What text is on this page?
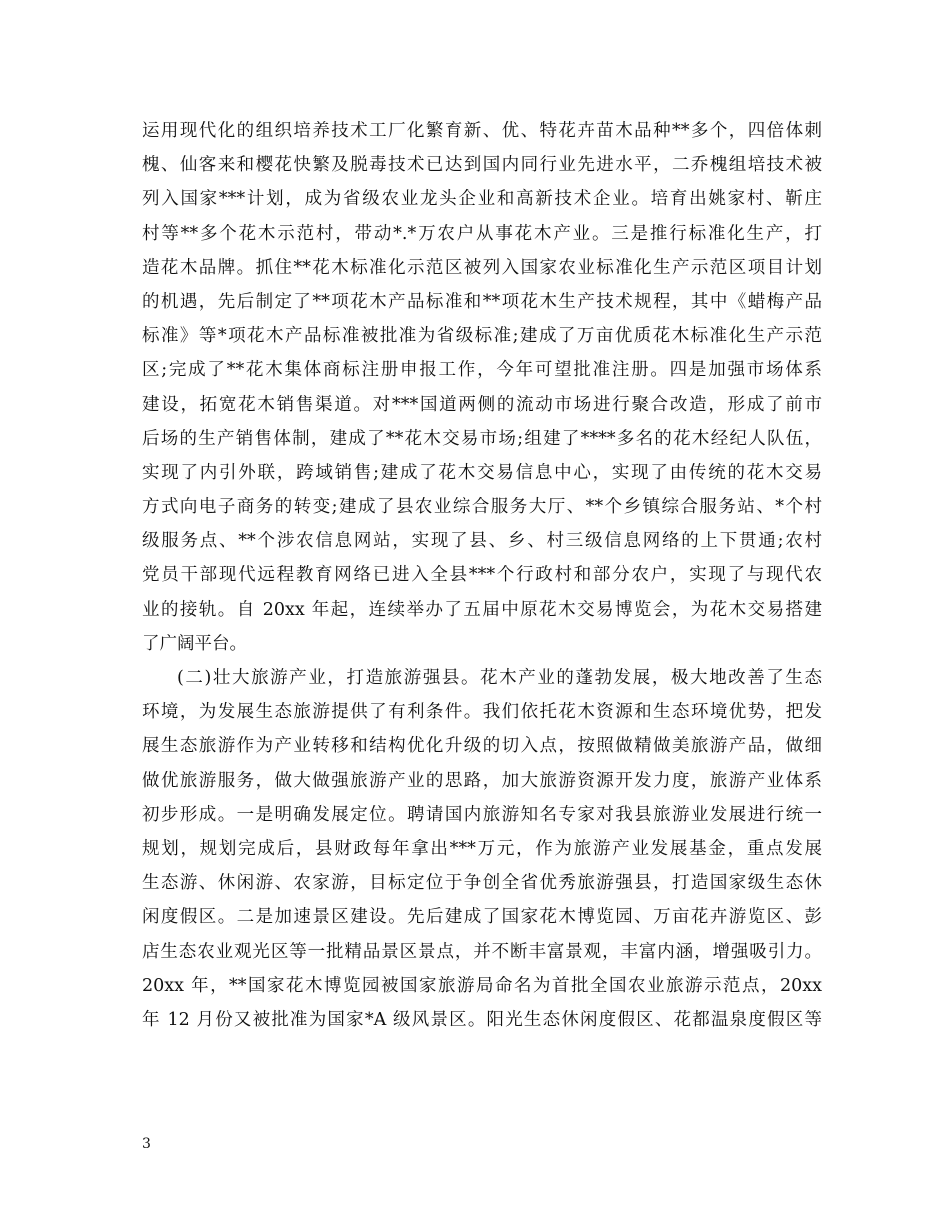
运用现代化的组织培养技术工厂化繁育新、优、特花卉苗木品种**多个，四倍体刺
槐、仙客来和樱花快繁及脱毒技术已达到国内同行业先进水平，二乔槐组培技术被
列入国家***计划，成为省级农业龙头企业和高新技术企业。培育出姚家村、靳庄
村等**多个花木示范村，带动*.*万农户从事花木产业。三是推行标准化生产，打
造花木品牌。抓住**花木标准化示范区被列入国家农业标准化生产示范区项目计划
的机遇，先后制定了**项花木产品标准和**项花木生产技术规程，其中《蜡梅产品
标准》等*项花木产品标准被批准为省级标准;建成了万亩优质花木标准化生产示范
区;完成了**花木集体商标注册申报工作，今年可望批准注册。四是加强市场体系
建设，拓宽花木销售渠道。对***国道两侧的流动市场进行聚合改造，形成了前市
后场的生产销售体制，建成了**花木交易市场;组建了****多名的花木经纪人队伍，
实现了内引外联，跨域销售;建成了花木交易信息中心，实现了由传统的花木交易
方式向电子商务的转变;建成了县农业综合服务大厅、**个乡镇综合服务站、*个村
级服务点、**个涉农信息网站，实现了县、乡、村三级信息网络的上下贯通;农村
党员干部现代远程教育网络已进入全县***个行政村和部分农户，实现了与现代农
业的接轨。自 20xx 年起，连续举办了五届中原花木交易博览会，为花木交易搭建
了广阔平台。
(二)壮大旅游产业，打造旅游强县。花木产业的蓬勃发展，极大地改善了生态
环境，为发展生态旅游提供了有利条件。我们依托花木资源和生态环境优势，把发
展生态旅游作为产业转移和结构优化升级的切入点，按照做精做美旅游产品，做细
做优旅游服务，做大做强旅游产业的思路，加大旅游资源开发力度，旅游产业体系
初步形成。一是明确发展定位。聘请国内旅游知名专家对我县旅游业发展进行统一
规划，规划完成后，县财政每年拿出***万元，作为旅游产业发展基金，重点发展
生态游、休闲游、农家游，目标定位于争创全省优秀旅游强县，打造国家级生态休
闲度假区。二是加速景区建设。先后建成了国家花木博览园、万亩花卉游览区、彭
店生态农业观光区等一批精品景区景点，并不断丰富景观，丰富内涵，增强吸引力。
20xx 年，**国家花木博览园被国家旅游局命名为首批全国农业旅游示范点，20xx
年 12 月份又被批准为国家*A 级风景区。阳光生态休闲度假区、花都温泉度假区等
3
